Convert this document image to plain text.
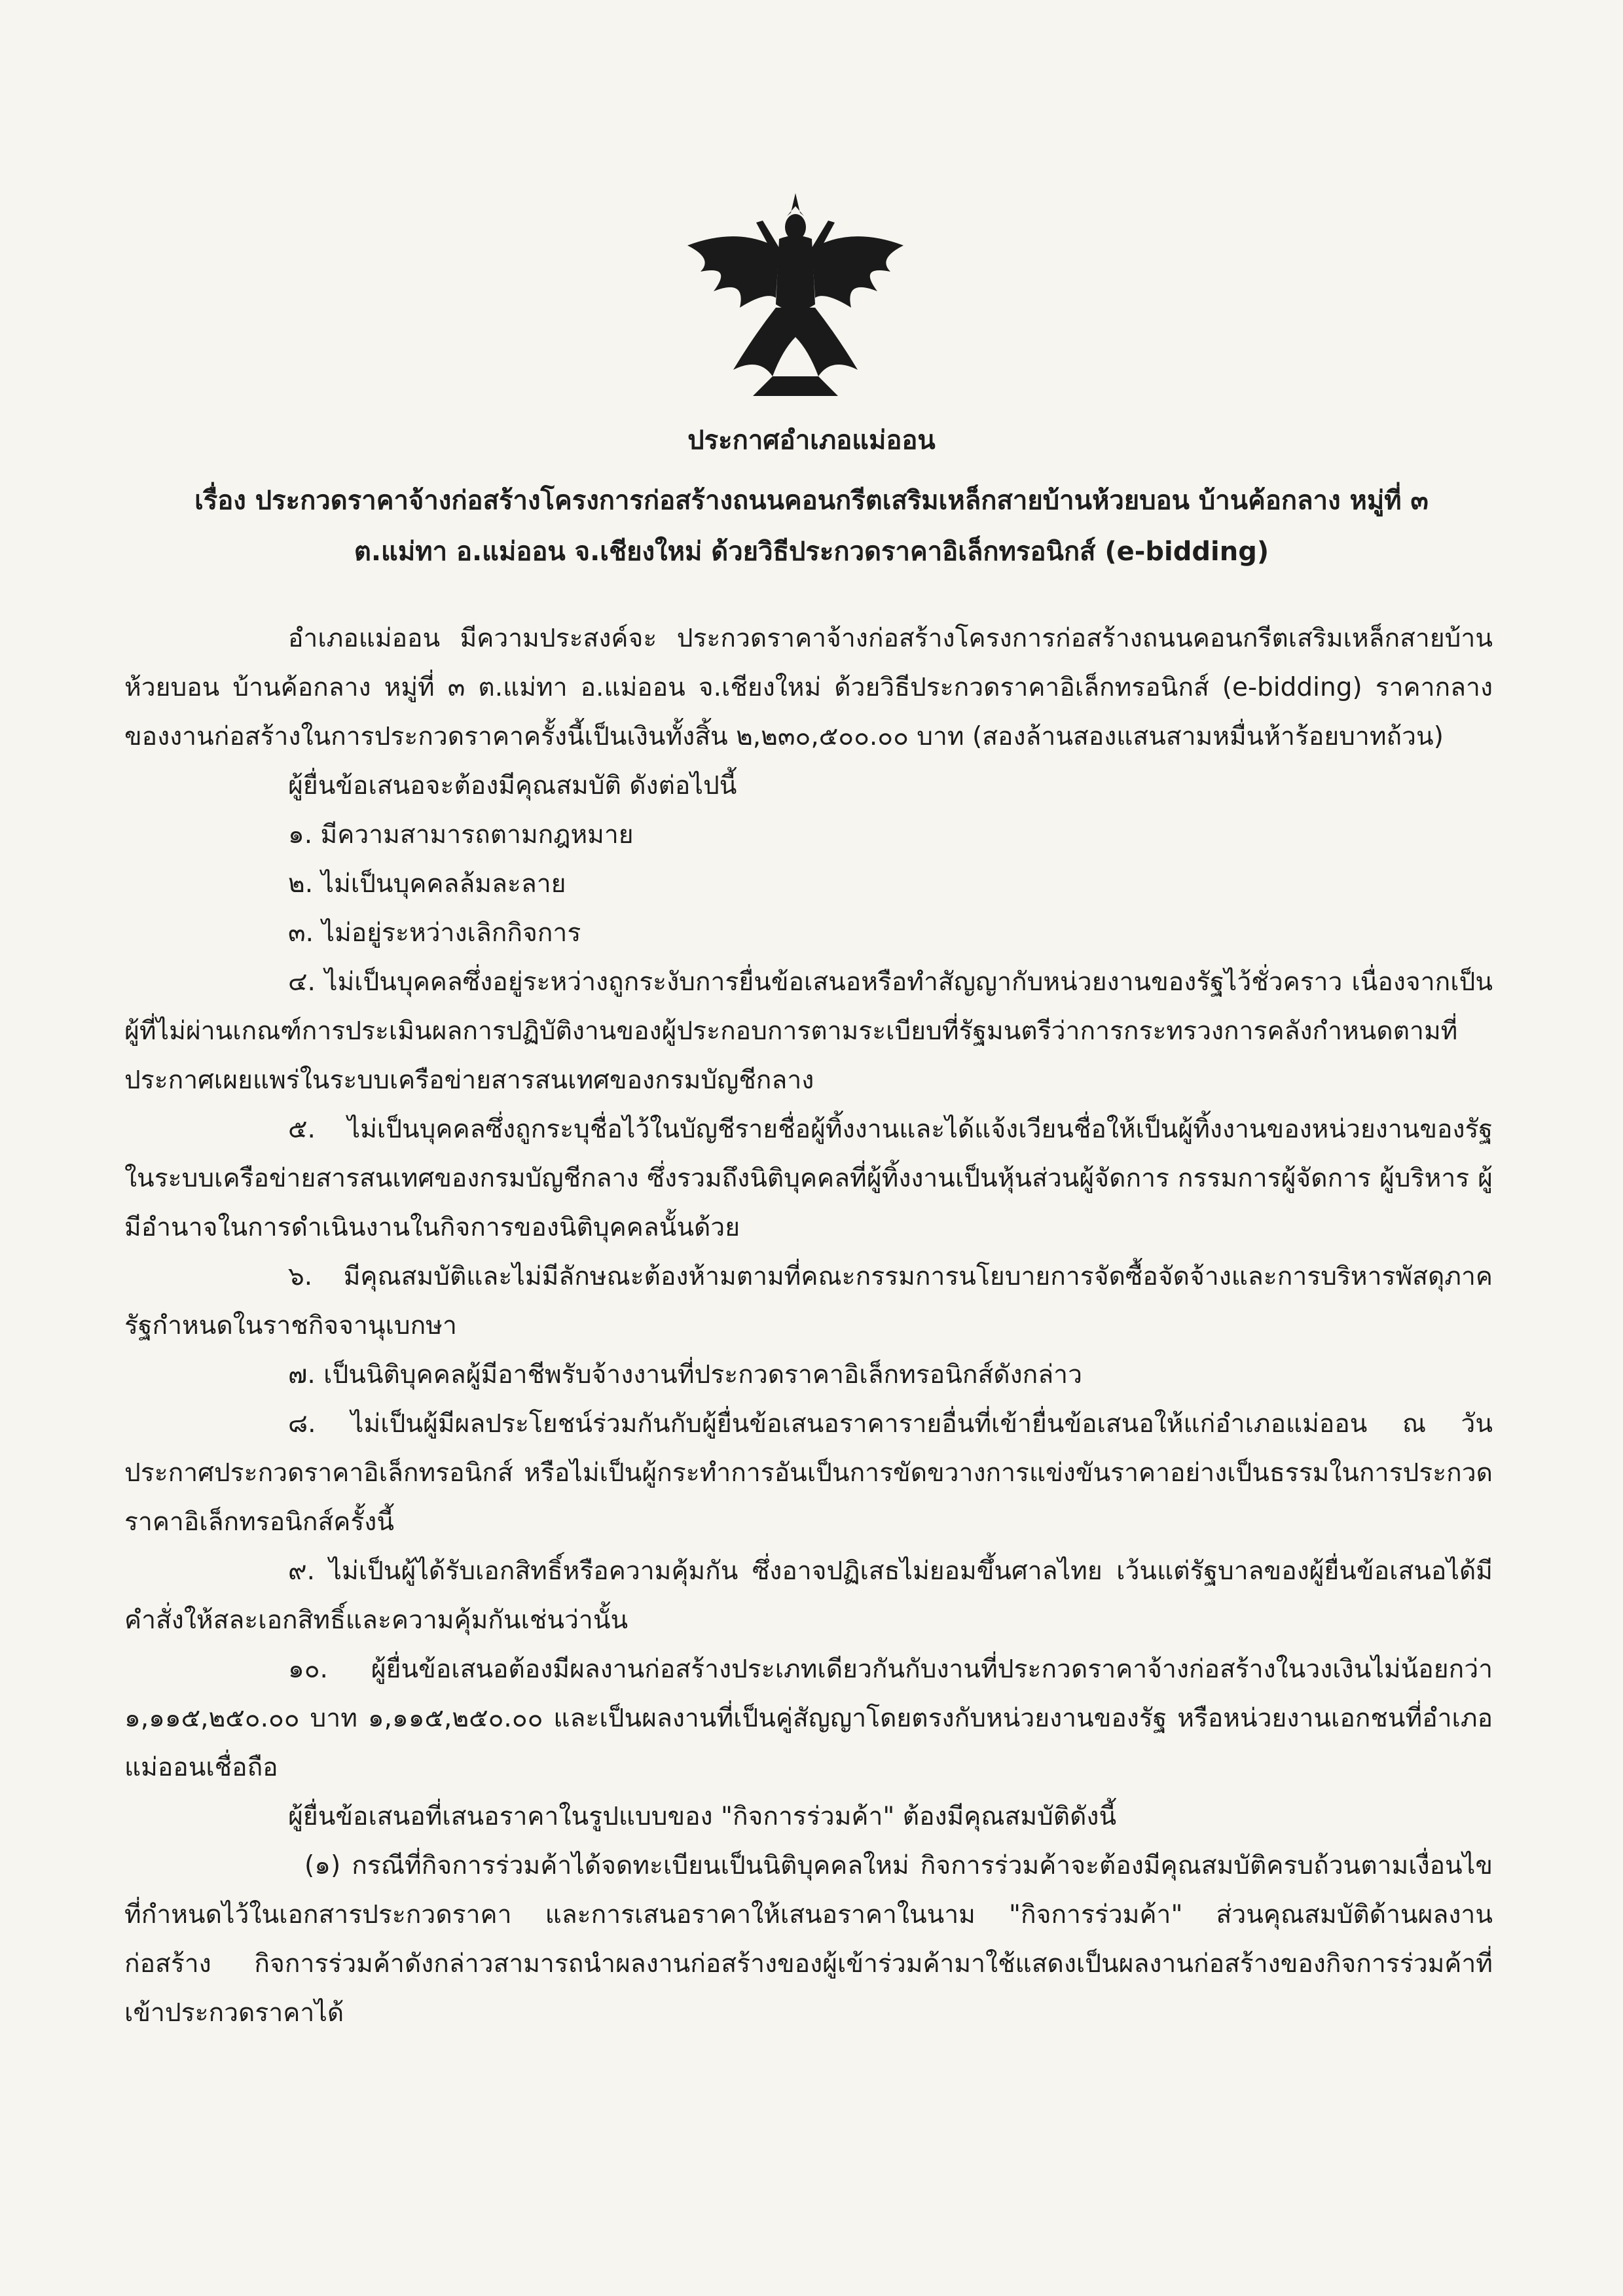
ประกาศอำเภอแม่ออน
เรื่อง ประกวดราคาจ้างก่อสร้างโครงการก่อสร้างถนนคอนกรีตเสริมเหล็กสายบ้านห้วยบอน บ้านค้อกลาง หมู่ที่ ๓
ต.แม่ทา อ.แม่ออน จ.เชียงใหม่ ด้วยวิธีประกวดราคาอิเล็กทรอนิกส์ (e-bidding)

อำเภอแม่ออน มีความประสงค์จะ ประกวดราคาจ้างก่อสร้างโครงการก่อสร้างถนนคอนกรีตเสริมเหล็กสายบ้านห้วยบอน บ้านค้อกลาง หมู่ที่ ๓ ต.แม่ทา อ.แม่ออน จ.เชียงใหม่ ด้วยวิธีประกวดราคาอิเล็กทรอนิกส์ (e-bidding) ราคากลางของงานก่อสร้างในการประกวดราคาครั้งนี้เป็นเงินทั้งสิ้น ๒,๒๓๐,๕๐๐.๐๐ บาท (สองล้านสองแสนสามหมื่นห้าร้อยบาทถ้วน)

ผู้ยื่นข้อเสนอจะต้องมีคุณสมบัติ ดังต่อไปนี้

๑. มีความสามารถตามกฎหมาย

๒. ไม่เป็นบุคคลล้มละลาย

๓. ไม่อยู่ระหว่างเลิกกิจการ

๔. ไม่เป็นบุคคลซึ่งอยู่ระหว่างถูกระงับการยื่นข้อเสนอหรือทำสัญญากับหน่วยงานของรัฐไว้ชั่วคราว เนื่องจากเป็นผู้ที่ไม่ผ่านเกณฑ์การประเมินผลการปฏิบัติงานของผู้ประกอบการตามระเบียบที่รัฐมนตรีว่าการกระทรวงการคลังกำหนดตามที่ประกาศเผยแพร่ในระบบเครือข่ายสารสนเทศของกรมบัญชีกลาง

๕. ไม่เป็นบุคคลซึ่งถูกระบุชื่อไว้ในบัญชีรายชื่อผู้ทิ้งงานและได้แจ้งเวียนชื่อให้เป็นผู้ทิ้งงานของหน่วยงานของรัฐในระบบเครือข่ายสารสนเทศของกรมบัญชีกลาง ซึ่งรวมถึงนิติบุคคลที่ผู้ทิ้งงานเป็นหุ้นส่วนผู้จัดการ กรรมการผู้จัดการ ผู้บริหาร ผู้มีอำนาจในการดำเนินงานในกิจการของนิติบุคคลนั้นด้วย

๖. มีคุณสมบัติและไม่มีลักษณะต้องห้ามตามที่คณะกรรมการนโยบายการจัดซื้อจัดจ้างและการบริหารพัสดุภาครัฐกำหนดในราชกิจจานุเบกษา

๗. เป็นนิติบุคคลผู้มีอาชีพรับจ้างงานที่ประกวดราคาอิเล็กทรอนิกส์ดังกล่าว

๘. ไม่เป็นผู้มีผลประโยชน์ร่วมกันกับผู้ยื่นข้อเสนอราคารายอื่นที่เข้ายื่นข้อเสนอให้แก่อำเภอแม่ออน ณ วันประกาศประกวดราคาอิเล็กทรอนิกส์ หรือไม่เป็นผู้กระทำการอันเป็นการขัดขวางการแข่งขันราคาอย่างเป็นธรรมในการประกวดราคาอิเล็กทรอนิกส์ครั้งนี้

๙. ไม่เป็นผู้ได้รับเอกสิทธิ์หรือความคุ้มกัน ซึ่งอาจปฏิเสธไม่ยอมขึ้นศาลไทย เว้นแต่รัฐบาลของผู้ยื่นข้อเสนอได้มีคำสั่งให้สละเอกสิทธิ์และความคุ้มกันเช่นว่านั้น

๑๐. ผู้ยื่นข้อเสนอต้องมีผลงานก่อสร้างประเภทเดียวกันกับงานที่ประกวดราคาจ้างก่อสร้างในวงเงินไม่น้อยกว่า ๑,๑๑๕,๒๕๐.๐๐ บาท ๑,๑๑๕,๒๕๐.๐๐ และเป็นผลงานที่เป็นคู่สัญญาโดยตรงกับหน่วยงานของรัฐ หรือหน่วยงานเอกชนที่อำเภอแม่ออนเชื่อถือ

ผู้ยื่นข้อเสนอที่เสนอราคาในรูปแบบของ "กิจการร่วมค้า" ต้องมีคุณสมบัติดังนี้

(๑) กรณีที่กิจการร่วมค้าได้จดทะเบียนเป็นนิติบุคคลใหม่ กิจการร่วมค้าจะต้องมีคุณสมบัติครบถ้วนตามเงื่อนไขที่กำหนดไว้ในเอกสารประกวดราคา และการเสนอราคาให้เสนอราคาในนาม "กิจการร่วมค้า" ส่วนคุณสมบัติด้านผลงานก่อสร้าง กิจการร่วมค้าดังกล่าวสามารถนำผลงานก่อสร้างของผู้เข้าร่วมค้ามาใช้แสดงเป็นผลงานก่อสร้างของกิจการร่วมค้าที่เข้าประกวดราคาได้
